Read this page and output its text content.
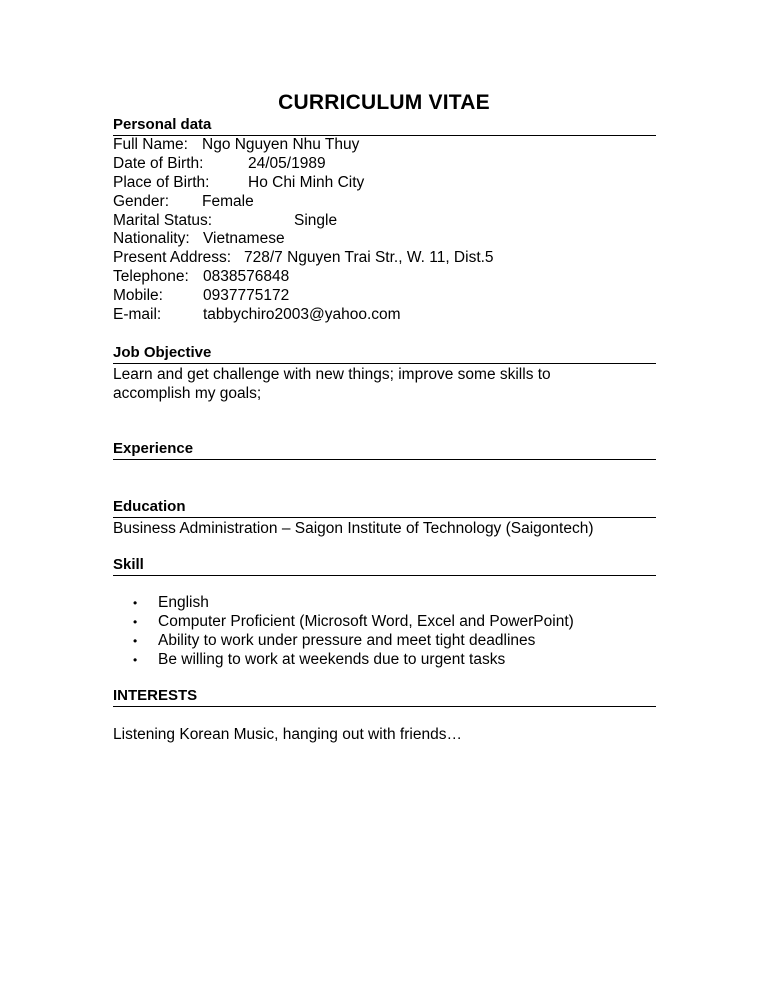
CURRICULUM VITAE
Personal data
Full Name: Ngo Nguyen Nhu Thuy
Date of Birth:	24/05/1989
Place of Birth: Ho Chi Minh City
Gender: Female
Marital Status:	Single
Nationality: Vietnamese
Present Address: 728/7 Nguyen Trai Str., W. 11, Dist.5
Telephone: 0838576848
Mobile:	0937775172
E-mail:	tabbychiro2003@yahoo.com
Job Objective
Learn and get challenge with new things; improve some skills to
accomplish my goals;
Experience
Education
Business Administration – Saigon Institute of Technology (Saigontech)
Skill
• English
• Computer Proficient (Microsoft Word, Excel and PowerPoint)
• Ability to work under pressure and meet tight deadlines
• Be willing to work at weekends due to urgent tasks
INTERESTS
Listening Korean Music, hanging out with friends…
